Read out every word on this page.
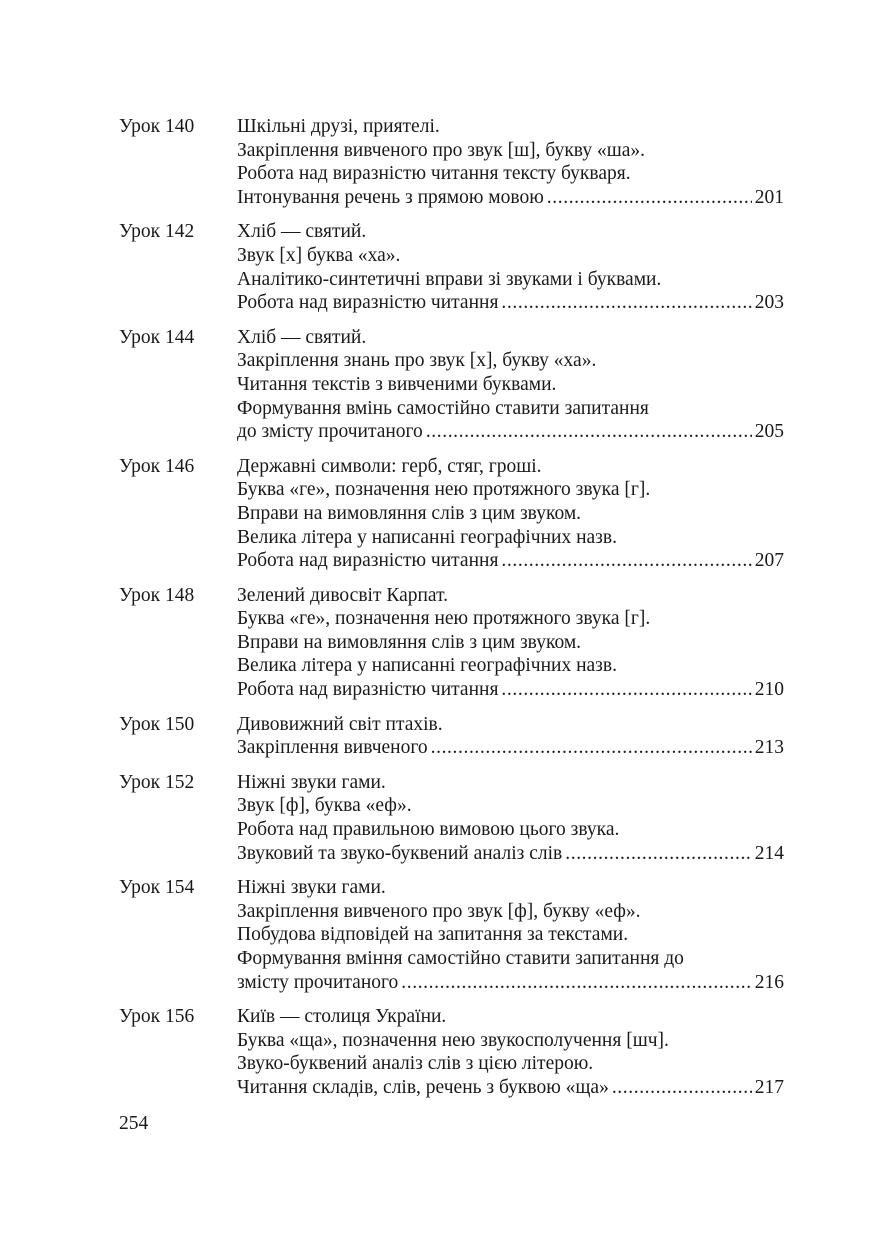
Урок 140	Шкільні друзі, приятелі.
Закріплення вивченого про звук [ш], букву «ша».
Робота над виразністю читання тексту букваря.
Інтонування речень з прямою мовою .....	201
Урок 142	Хліб — святий.
Звук [х] буква «ха».
Аналітико-синтетичні вправи зі звуками і буквами.
Робота над виразністю читання .....	203
Урок 144	Хліб — святий.
Закріплення знань про звук [х], букву «ха».
Читання текстів з вивченими буквами.
Формування вмінь самостійно ставити запитання
до змісту прочитаного .....	205
Урок 146	Державні символи: герб, стяг, гроші.
Буква «ге», позначення нею протяжного звука [г].
Вправи на вимовляння слів з цим звуком.
Велика літера у написанні географічних назв.
Робота над виразністю читання .....	207
Урок 148	Зелений дивосвіт Карпат.
Буква «ге», позначення нею протяжного звука [г].
Вправи на вимовляння слів з цим звуком.
Велика літера у написанні географічних назв.
Робота над виразністю читання .....	210
Урок 150	Дивовижний світ птахів.
Закріплення вивченого .....	213
Урок 152	Ніжні звуки гами.
Звук [ф], буква «еф».
Робота над правильною вимовою цього звука.
Звуковий та звуко-буквений аналіз слів .....	214
Урок 154	Ніжні звуки гами.
Закріплення вивченого про звук [ф], букву «еф».
Побудова відповідей на запитання за текстами.
Формування вміння самостійно ставити запитання до
змісту прочитаного .....	216
Урок 156	Київ — столиця України.
Буква «ща», позначення нею звукосполучення [шч].
Звуко-буквений аналіз слів з цією літерою.
Читання складів, слів, речень з буквою «ща» .....	217
254
